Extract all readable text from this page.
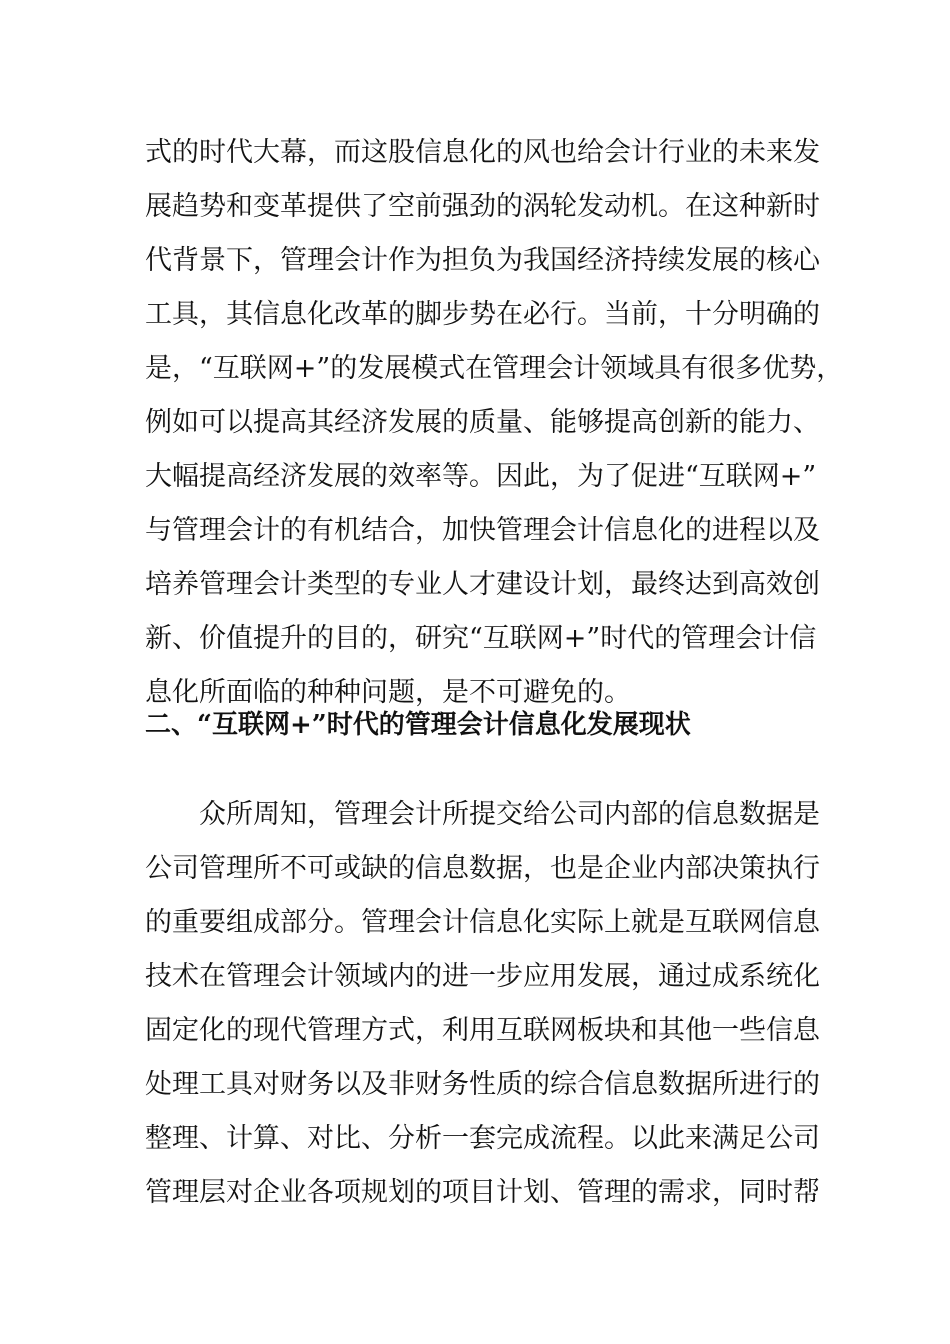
式的时代大幕，而这股信息化的风也给会计行业的未来发
展趋势和变革提供了空前强劲的涡轮发动机。在这种新时
代背景下，管理会计作为担负为我国经济持续发展的核心
工具，其信息化改革的脚步势在必行。当前，十分明确的
是，“互联网+”的发展模式在管理会计领域具有很多优势，
例如可以提高其经济发展的质量、能够提高创新的能力、
大幅提高经济发展的效率等。因此，为了促进“互联网+”
与管理会计的有机结合，加快管理会计信息化的进程以及
培养管理会计类型的专业人才建设计划，最终达到高效创
新、价值提升的目的，研究“互联网+”时代的管理会计信
息化所面临的种种问题，是不可避免的。
二、“互联网+”时代的管理会计信息化发展现状
众所周知，管理会计所提交给公司内部的信息数据是
公司管理所不可或缺的信息数据，也是企业内部决策执行
的重要组成部分。管理会计信息化实际上就是互联网信息
技术在管理会计领域内的进一步应用发展，通过成系统化
固定化的现代管理方式，利用互联网板块和其他一些信息
处理工具对财务以及非财务性质的综合信息数据所进行的
整理、计算、对比、分析一套完成流程。以此来满足公司
管理层对企业各项规划的项目计划、管理的需求，同时帮
